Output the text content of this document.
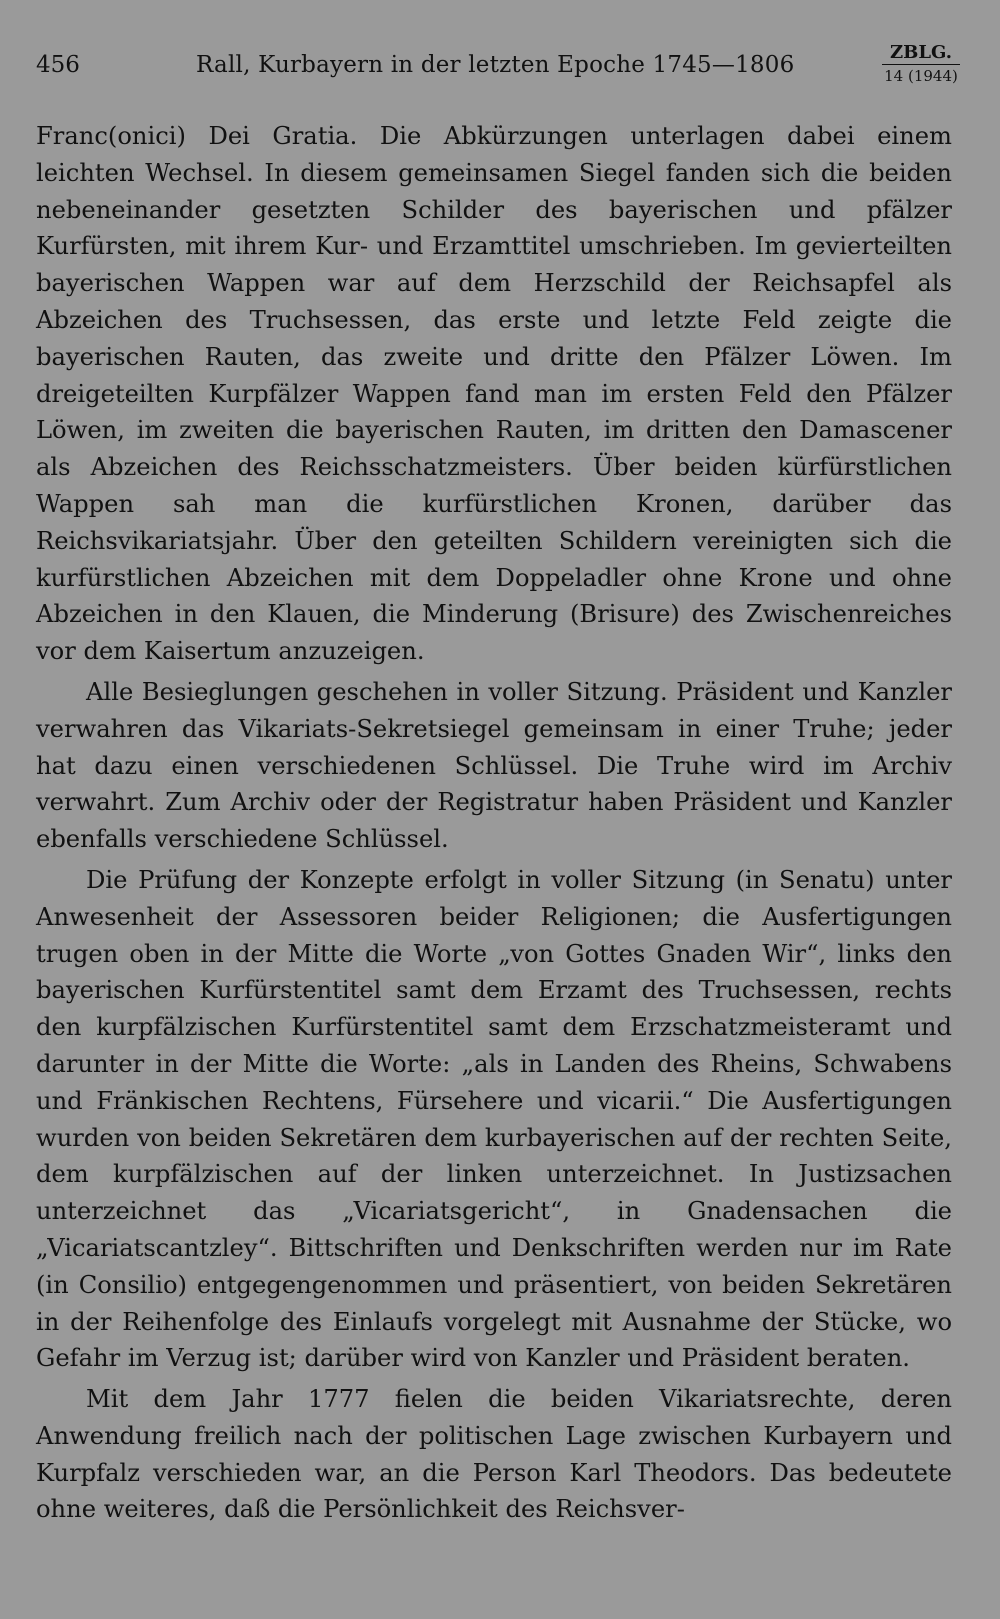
456	Rall, Kurbayern in der letzten Epoche 1745—1806	ZBLG.
14 (1944)

Franc(onici) Dei Gratia. Die Abkürzungen unterlagen dabei einem leichten Wechsel. In diesem gemeinsamen Siegel fanden sich die beiden nebeneinander gesetzten Schilder des bayerischen und pfälzer Kurfürsten, mit ihrem Kur- und Erzamttitel umschrieben. Im gevierteilten bayerischen Wappen war auf dem Herzschild der Reichsapfel als Abzeichen des Truchsessen, das erste und letzte Feld zeigte die bayerischen Rauten, das zweite und dritte den Pfälzer Löwen. Im dreigeteilten Kurpfälzer Wappen fand man im ersten Feld den Pfälzer Löwen, im zweiten die bayerischen Rauten, im dritten den Damascener als Abzeichen des Reichsschatzmeisters. Über beiden kürfürstlichen Wappen sah man die kurfürstlichen Kronen, darüber das Reichsvikariatsjahr. Über den geteilten Schildern vereinigten sich die kurfürstlichen Abzeichen mit dem Doppeladler ohne Krone und ohne Abzeichen in den Klauen, die Minderung (Brisure) des Zwischenreiches vor dem Kaisertum anzuzeigen.

Alle Besieglungen geschehen in voller Sitzung. Präsident und Kanzler verwahren das Vikariats-Sekretsiegel gemeinsam in einer Truhe; jeder hat dazu einen verschiedenen Schlüssel. Die Truhe wird im Archiv verwahrt. Zum Archiv oder der Registratur haben Präsident und Kanzler ebenfalls verschiedene Schlüssel.

Die Prüfung der Konzepte erfolgt in voller Sitzung (in Senatu) unter Anwesenheit der Assessoren beider Religionen; die Ausfertigungen trugen oben in der Mitte die Worte „von Gottes Gnaden Wir“, links den bayerischen Kurfürstentitel samt dem Erzamt des Truchsessen, rechts den kurpfälzischen Kurfürstentitel samt dem Erzschatzmeisteramt und darunter in der Mitte die Worte: „als in Landen des Rheins, Schwabens und Fränkischen Rechtens, Fürsehere und vicarii.“ Die Ausfertigungen wurden von beiden Sekretären dem kurbayerischen auf der rechten Seite, dem kurpfälzischen auf der linken unterzeichnet. In Justizsachen unterzeichnet das „Vicariatsgericht“, in Gnadensachen die „Vicariatscantzley“. Bittschriften und Denkschriften werden nur im Rate (in Consilio) entgegengenommen und präsentiert, von beiden Sekretären in der Reihenfolge des Einlaufs vorgelegt mit Ausnahme der Stücke, wo Gefahr im Verzug ist; darüber wird von Kanzler und Präsident beraten.

Mit dem Jahr 1777 fielen die beiden Vikariatsrechte, deren Anwendung freilich nach der politischen Lage zwischen Kurbayern und Kurpfalz verschieden war, an die Person Karl Theodors. Das bedeutete ohne weiteres, daß die Persönlichkeit des Reichsver-
